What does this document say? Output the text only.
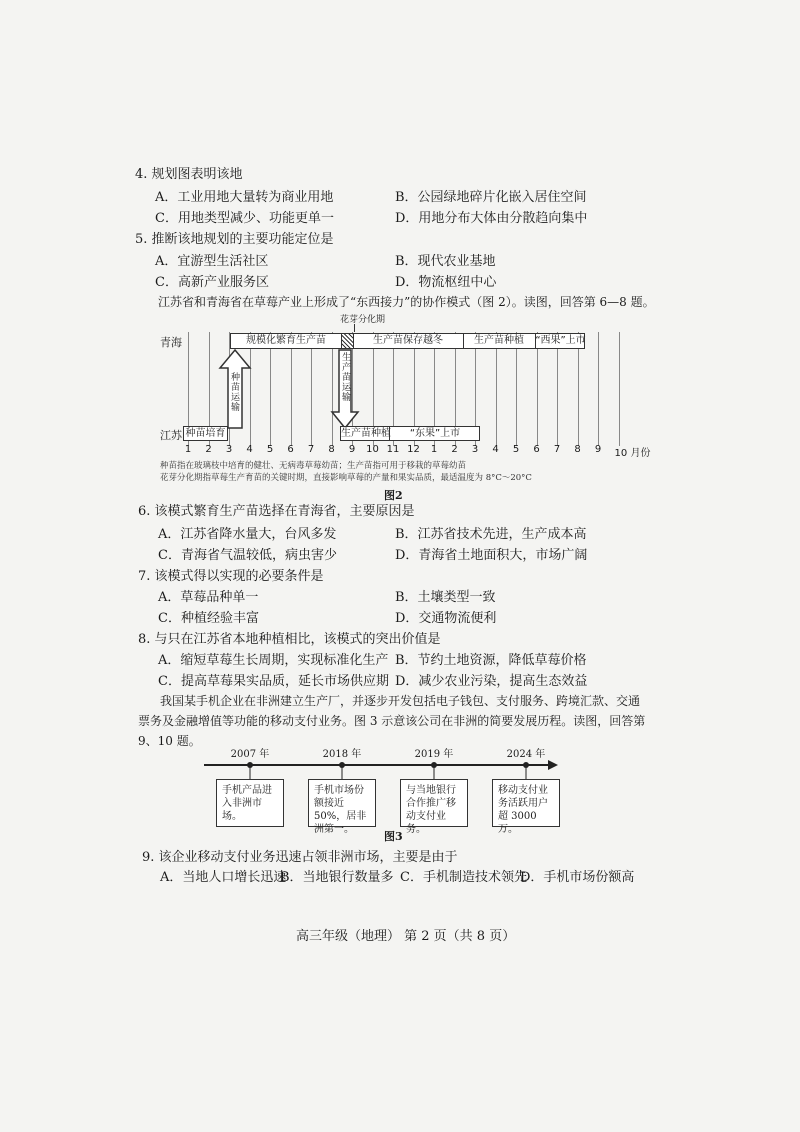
4. 规划图表明该地
A．工业用地大量转为商业用地	B．公园绿地碎片化嵌入居住空间
C．用地类型减少、功能更单一	D．用地分布大体由分散趋向集中
5. 推断该地规划的主要功能定位是
A．宜游型生活社区	B．现代农业基地
C．高新产业服务区	D．物流枢纽中心
江苏省和青海省在草莓产业上形成了“东西接力”的协作模式（图 2）。读图，回答第 6—8 题。
花芽分化期
青海	规模化繁育生产苗	生产苗保存越冬	生产苗种植	“西果”上市
种苗运输	生产苗运输
江苏 种苗培育	生产苗种植	“东果”上市
1 2 3 4 5 6 7 8 9 10 11 12 1 2 3 4 5 6 7 8 9 10 月份
种苗指在玻璃枝中培育的健壮、无病毒草莓幼苗；生产苗指可用于移栽的草莓幼苗
花芽分化期指草莓生产育苗的关键时期，直接影响草莓的产量和果实品质，最适温度为 8°C～20°C
图2
6. 该模式繁育生产苗选择在青海省，主要原因是
A．江苏省降水量大，台风多发	B．江苏省技术先进，生产成本高
C．青海省气温较低，病虫害少	D．青海省土地面积大，市场广阔
7. 该模式得以实现的必要条件是
A．草莓品种单一	B．土壤类型一致
C．种植经验丰富	D．交通物流便利
8. 与只在江苏省本地种植相比，该模式的突出价值是
A．缩短草莓生长周期，实现标准化生产 B．节约土地资源，降低草莓价格
C．提高草莓果实品质，延长市场供应期 D．减少农业污染，提高生态效益
我国某手机企业在非洲建立生产厂，并逐步开发包括电子钱包、支付服务、跨境汇款、交通
票务及金融增值等功能的移动支付业务。图 3 示意该公司在非洲的简要发展历程。读图，回答第
9、10 题。
2007 年	2018 年	2019 年	2024 年
手机产品进入非洲市场。
手机市场份额接近 50%，居非洲第一。
与当地银行合作推广移动支付业务。
移动支付业务活跃用户超 3000 万。
图3
9. 该企业移动支付业务迅速占领非洲市场，主要是由于
A．当地人口增长迅速
B．当地银行数量多 C．手机制造技术领先
D．手机市场份额高
高三年级（地理） 第 2 页（共 8 页）
